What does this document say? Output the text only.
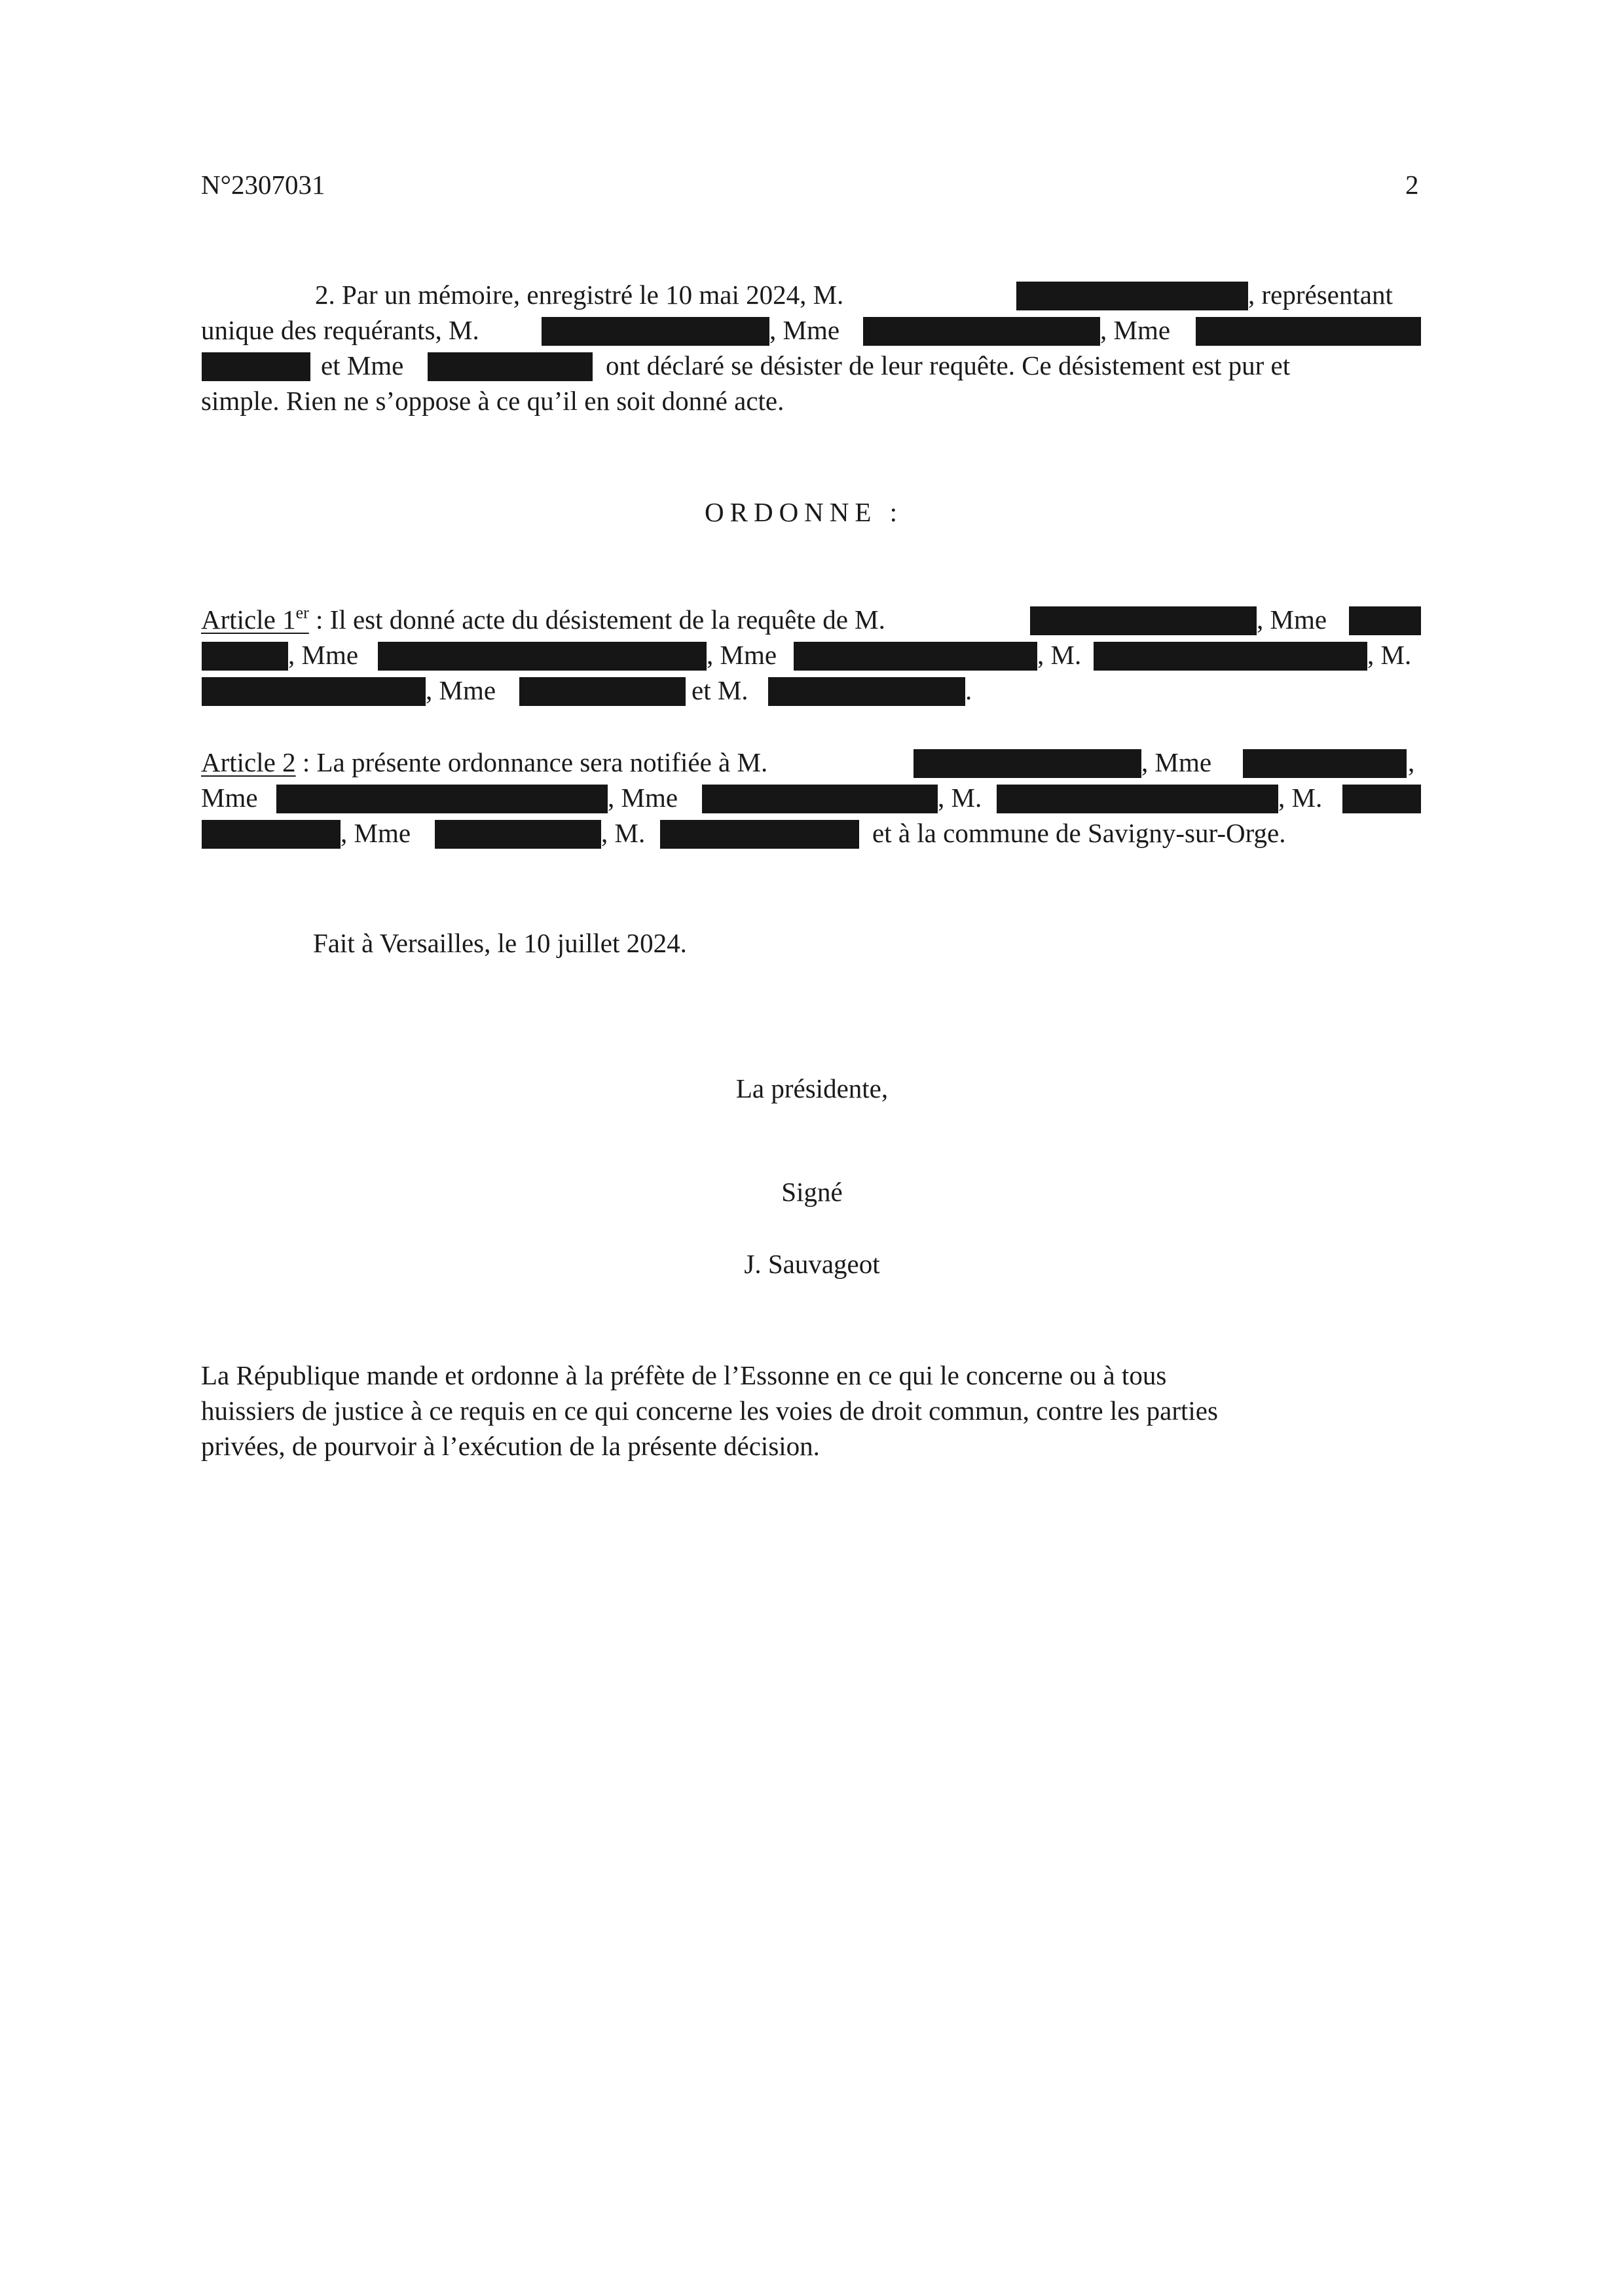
N°2307031	2
2. Par un mémoire, enregistré le 10 mai 2024, M.	, représentant
unique des requérants, M.	, Mme	, Mme
et Mme	ont déclaré se désister de leur requête. Ce désistement est pur et
simple. Rien ne s’oppose à ce qu’il en soit donné acte.
ORDONNE :
Article 1er : Il est donné acte du désistement de la requête de M.	, Mme
, Mme	, Mme	, M.	, M.
, Mme	et M.	.
Article 2 : La présente ordonnance sera notifiée à M.	, Mme	,
Mme	, Mme	, M.	, M.
, Mme	, M.	et à la commune de Savigny-sur-Orge.
Fait à Versailles, le 10 juillet 2024.
La présidente,
Signé
J. Sauvageot
La République mande et ordonne à la préfète de l’Essonne en ce qui le concerne ou à tous
huissiers de justice à ce requis en ce qui concerne les voies de droit commun, contre les parties
privées, de pourvoir à l’exécution de la présente décision.
